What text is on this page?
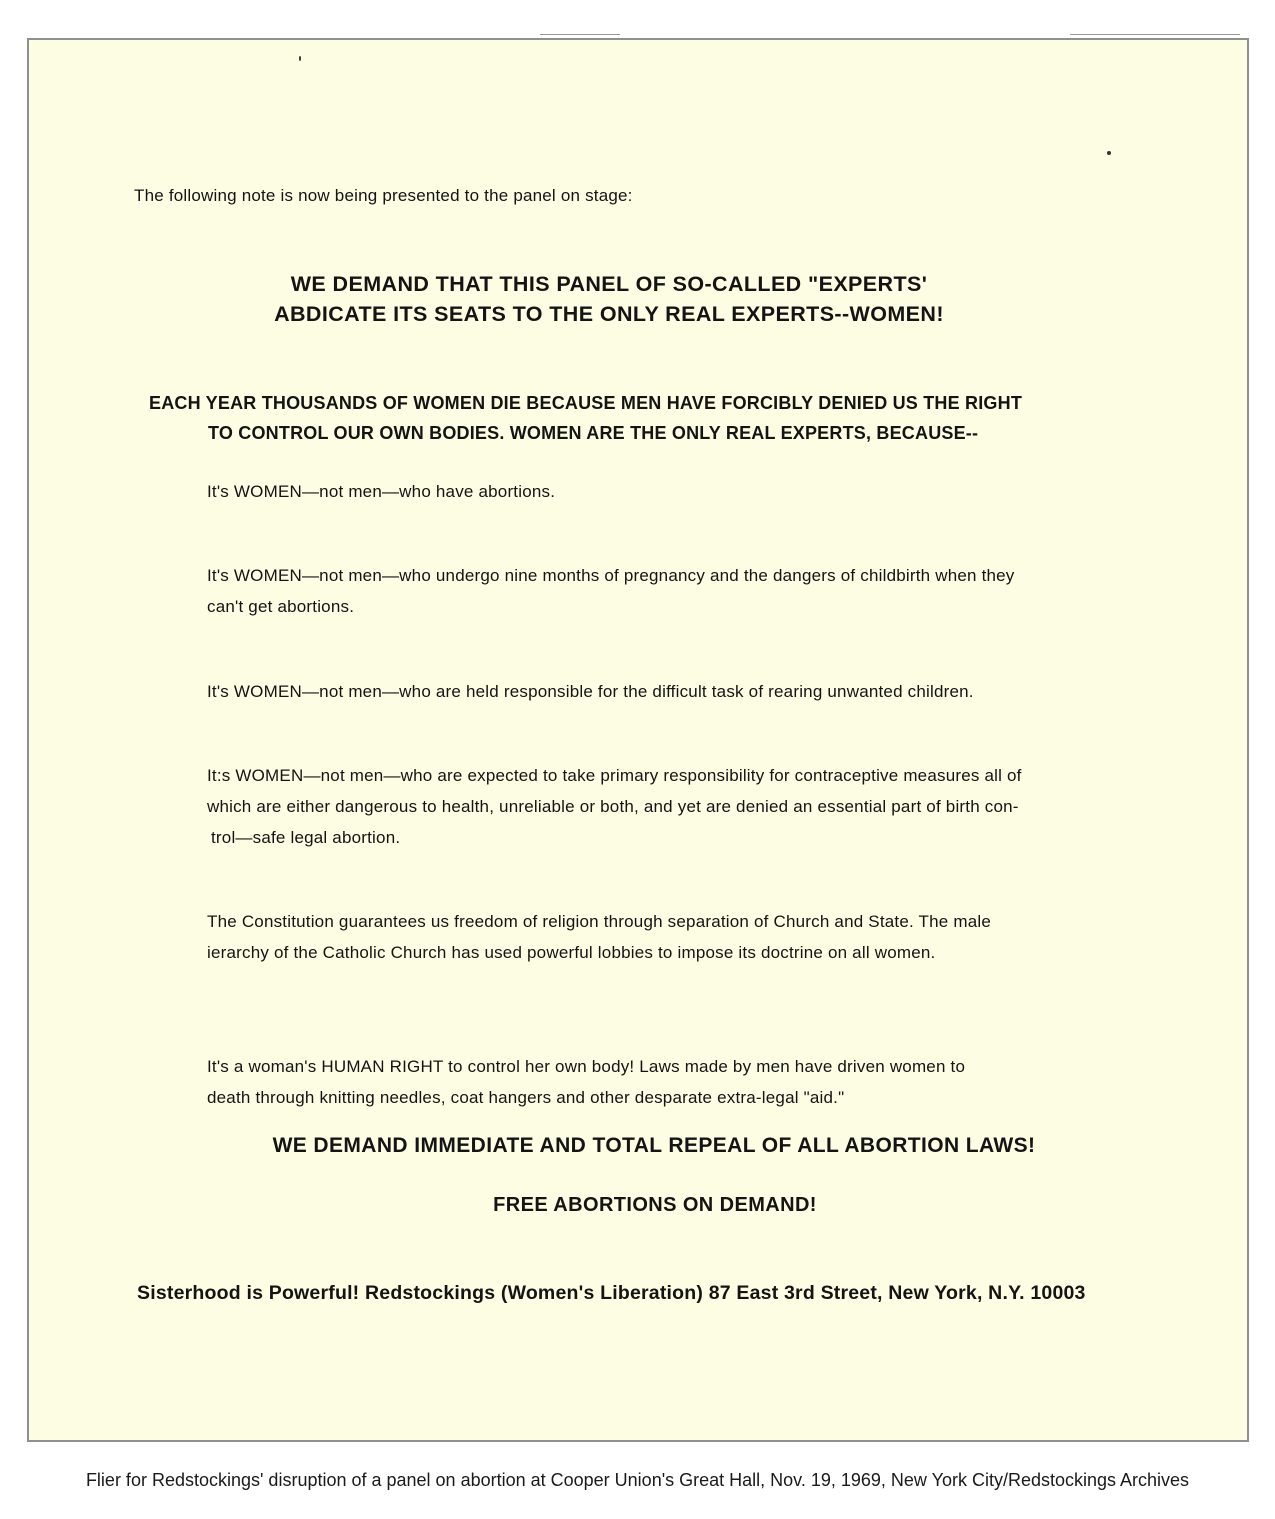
The following note is now being presented to the panel on stage:

WE DEMAND THAT THIS PANEL OF SO-CALLED "EXPERTS'
ABDICATE ITS SEATS TO THE ONLY REAL EXPERTS--WOMEN!
EACH YEAR THOUSANDS OF WOMEN DIE BECAUSE MEN HAVE FORCIBLY DENIED US THE RIGHT
TO CONTROL OUR OWN BODIES. WOMEN ARE THE ONLY REAL EXPERTS, BECAUSE--
It's WOMEN—not men—who have abortions.
It's WOMEN—not men—who undergo nine months of pregnancy and the dangers of childbirth when they
can't get abortions.
It's WOMEN—not men—who are held responsible for the difficult task of rearing unwanted children.
It:s WOMEN—not men—who are expected to take primary responsibility for contraceptive measures all of
which are either dangerous to health, unreliable or both, and yet are denied an essential part of birth con-
trol—safe legal abortion.
The Constitution guarantees us freedom of religion through separation of Church and State. The male
ierarchy of the Catholic Church has used powerful lobbies to impose its doctrine on all women.
It's a woman's HUMAN RIGHT to control her own body! Laws made by men have driven women to
death through knitting needles, coat hangers and other desparate extra-legal "aid."

WE DEMAND IMMEDIATE AND TOTAL REPEAL OF ALL ABORTION LAWS!

FREE ABORTIONS ON DEMAND!

Sisterhood is Powerful! Redstockings (Women's Liberation) 87 East 3rd Street, New York, N.Y. 10003

Flier for Redstockings' disruption of a panel on abortion at Cooper Union's Great Hall, Nov. 19, 1969, New York City/Redstockings Archives
